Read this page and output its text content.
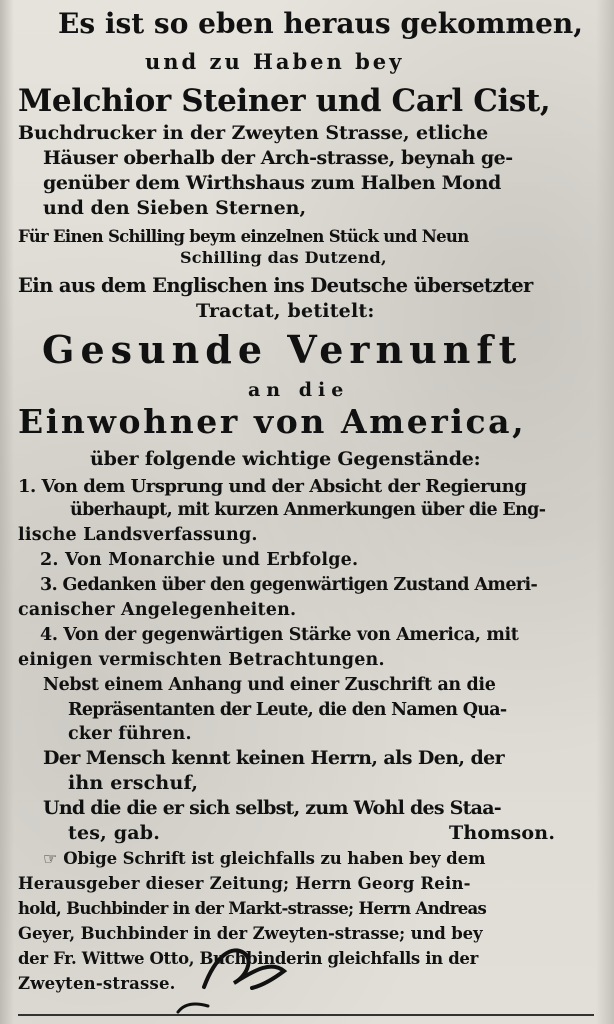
Es ist so eben heraus gekommen,
und zu Haben bey
Melchior Steiner und Carl Cist,
Buchdrucker in der Zweyten Strasse, etliche
Häuser oberhalb der Arch-strasse, beynah ge-
genüber dem Wirthshaus zum Halben Mond
und den Sieben Sternen,
Für Einen Schilling beym einzelnen Stück und Neun
Schilling das Dutzend,
Ein aus dem Englischen ins Deutsche übersetzter
Tractat, betitelt:
Gesunde Vernunft
an die
Einwohner von America,
über folgende wichtige Gegenstände:
1. Von dem Ursprung und der Absicht der Regierung
überhaupt, mit kurzen Anmerkungen über die Eng-
lische Landsverfassung.
2. Von Monarchie und Erbfolge.
3. Gedanken über den gegenwärtigen Zustand Ameri-
canischer Angelegenheiten.
4. Von der gegenwärtigen Stärke von America, mit
einigen vermischten Betrachtungen.
Nebst einem Anhang und einer Zuschrift an die
Repräsentanten der Leute, die den Namen Qua-
cker führen.
Der Mensch kennt keinen Herrn, als Den, der
ihn erschuf,
Und die die er sich selbst, zum Wohl des Staa-
tes, gab.	Thomson.
☞ Obige Schrift ist gleichfalls zu haben bey dem
Herausgeber dieser Zeitung; Herrn Georg Rein-
hold, Buchbinder in der Markt-strasse; Herrn Andreas
Geyer, Buchbinder in der Zweyten-strasse; und bey
der Fr. Wittwe Otto, Buchbinderin gleichfalls in der
Zweyten-strasse.
